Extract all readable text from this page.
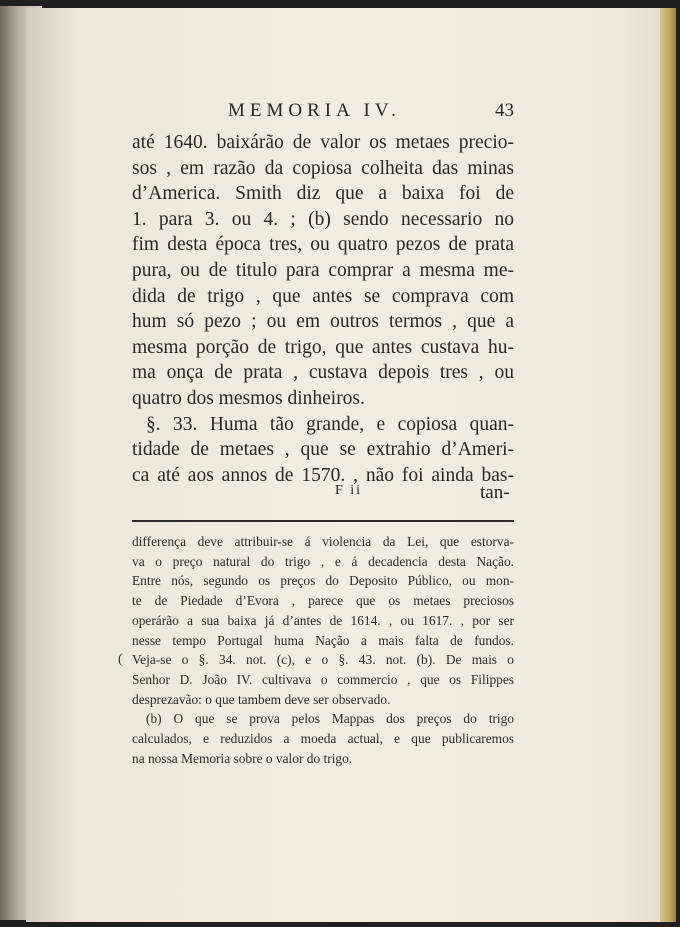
MEMORIA IV.	43
até 1640. baixárão de valor os metaes precio-
sos , em razão da copiosa colheita das minas
d’America. Smith diz que a baixa foi de
1. para 3. ou 4. ; (b) sendo necessario no
fim desta época tres, ou quatro pezos de prata
pura, ou de titulo para comprar a mesma me-
dida de trigo , que antes se comprava com
hum só pezo ; ou em outros termos , que a
mesma porção de trigo, que antes custava hu-
ma onça de prata , custava depois tres , ou
quatro dos mesmos dinheiros.
§. 33. Huma tão grande, e copiosa quan-
tidade de metaes , que se extrahio d’Ameri-
ca até aos annos de 1570. , não foi ainda bas-
F ii	tan-
(
differença deve attribuir-se á violencia da Lei, que estorva-
va o preço natural do trigo , e á decadencia desta Nação.
Entre nós, segundo os preços do Deposito Público, ou mon-
te de Piedade d’Evora , parece que os metaes preciosos
operárão a sua baixa já d’antes de 1614. , ou 1617. , por ser
nesse tempo Portugal huma Nação a mais falta de fundos.
Veja-se o §. 34. not. (c), e o §. 43. not. (b). De mais o
Senhor D. João IV. cultivava o commercio , que os Filippes
desprezavão: o que tambem deve ser observado.
(b) O que se prova pelos Mappas dos preços do trigo
calculados, e reduzidos a moeda actual, e que publicaremos
na nossa Memoria sobre o valor do trigo.
